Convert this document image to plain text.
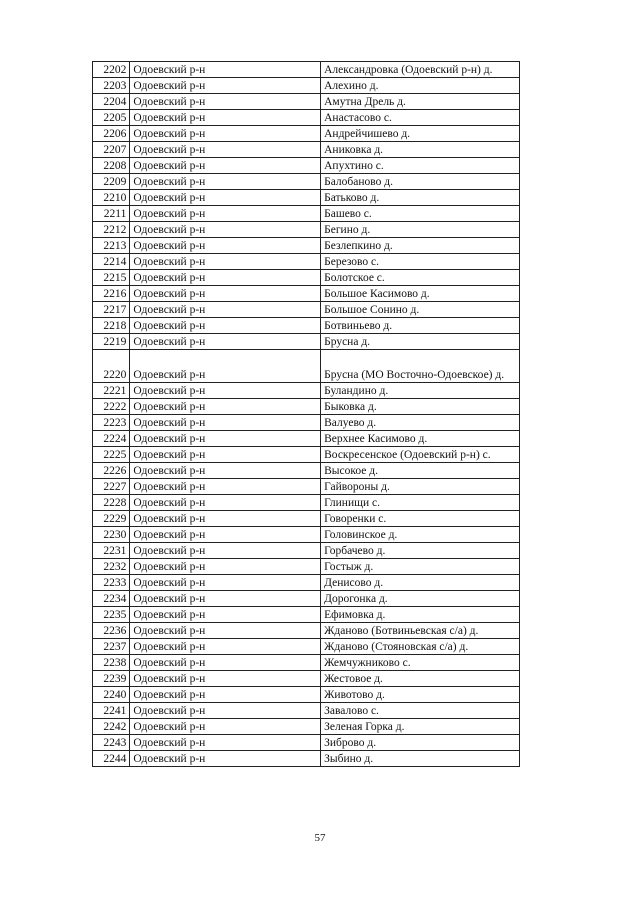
2202	Одоевский р-н	Александровка (Одоевский р-н) д.
2203	Одоевский р-н	Алехино д.
2204	Одоевский р-н	Амутна Дрель д.
2205	Одоевский р-н	Анастасово с.
2206	Одоевский р-н	Андрейчишево д.
2207	Одоевский р-н	Аниковка д.
2208	Одоевский р-н	Апухтино с.
2209	Одоевский р-н	Балобаново д.
2210	Одоевский р-н	Батьково д.
2211	Одоевский р-н	Башево с.
2212	Одоевский р-н	Бегино д.
2213	Одоевский р-н	Безлепкино д.
2214	Одоевский р-н	Березово с.
2215	Одоевский р-н	Болотское с.
2216	Одоевский р-н	Большое Касимово д.
2217	Одоевский р-н	Большое Сонино д.
2218	Одоевский р-н	Ботвиньево д.
2219	Одоевский р-н	Бруснa д.
2220	Одоевский р-н	Брусна (МО Восточно-Одоевское) д.
2221	Одоевский р-н	Буландино д.
2222	Одоевский р-н	Быковка д.
2223	Одоевский р-н	Валуево д.
2224	Одоевский р-н	Верхнее Касимово д.
2225	Одоевский р-н	Воскресенское (Одоевский р-н) с.
2226	Одоевский р-н	Высокое д.
2227	Одоевский р-н	Гайвороны д.
2228	Одоевский р-н	Глинищи с.
2229	Одоевский р-н	Говоренки с.
2230	Одоевский р-н	Головинское д.
2231	Одоевский р-н	Горбачево д.
2232	Одоевский р-н	Гостыж д.
2233	Одоевский р-н	Денисово д.
2234	Одоевский р-н	Дорогонка д.
2235	Одоевский р-н	Ефимовка д.
2236	Одоевский р-н	Жданово (Ботвиньевская с/а) д.
2237	Одоевский р-н	Жданово (Стояновская с/а) д.
2238	Одоевский р-н	Жемчужниково с.
2239	Одоевский р-н	Жестовое д.
2240	Одоевский р-н	Животово д.
2241	Одоевский р-н	Завалово с.
2242	Одоевский р-н	Зеленая Горка д.
2243	Одоевский р-н	Зиброво д.
2244	Одоевский р-н	Зыбино д.
57
